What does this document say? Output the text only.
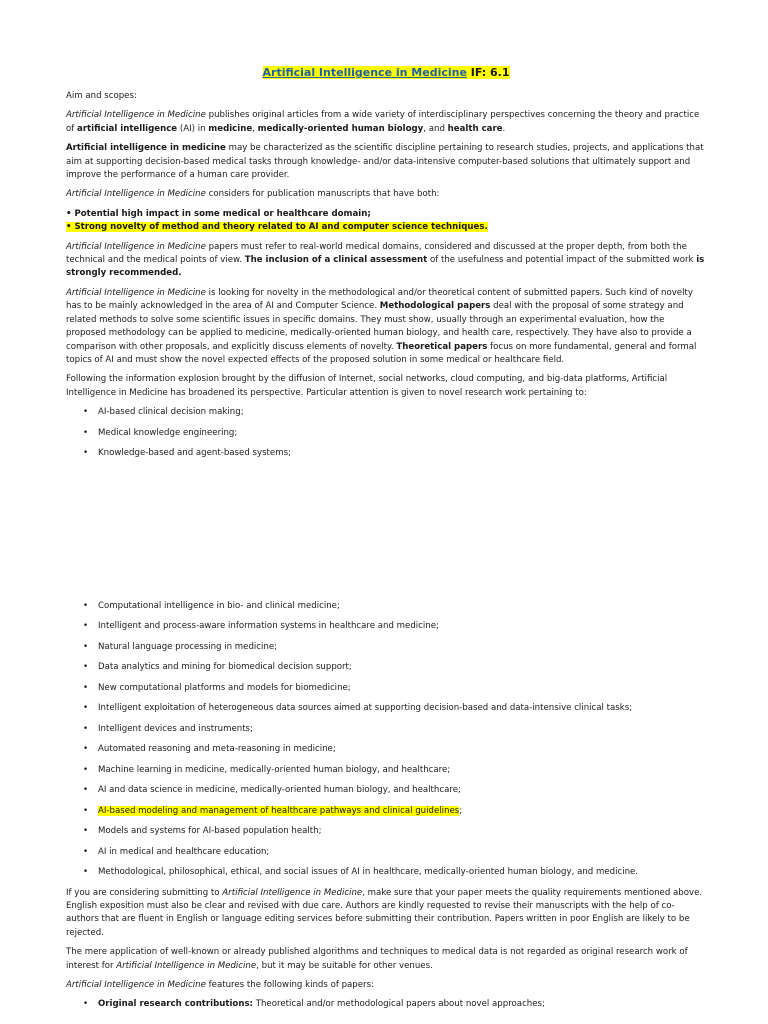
Artificial Intelligence in Medicine IF: 6.1

Aim and scopes:

Artificial Intelligence in Medicine publishes original articles from a wide variety of interdisciplinary perspectives concerning the theory and practice of artificial intelligence (AI) in medicine, medically-oriented human biology, and health care.

Artificial intelligence in medicine may be characterized as the scientific discipline pertaining to research studies, projects, and applications that aim at supporting decision-based medical tasks through knowledge- and/or data-intensive computer-based solutions that ultimately support and improve the performance of a human care provider.

Artificial Intelligence in Medicine considers for publication manuscripts that have both:

• Potential high impact in some medical or healthcare domain;
• Strong novelty of method and theory related to AI and computer science techniques.

Artificial Intelligence in Medicine papers must refer to real-world medical domains, considered and discussed at the proper depth, from both the technical and the medical points of view. The inclusion of a clinical assessment of the usefulness and potential impact of the submitted work is strongly recommended.

Artificial Intelligence in Medicine is looking for novelty in the methodological and/or theoretical content of submitted papers. Such kind of novelty has to be mainly acknowledged in the area of AI and Computer Science. Methodological papers deal with the proposal of some strategy and related methods to solve some scientific issues in specific domains. They must show, usually through an experimental evaluation, how the proposed methodology can be applied to medicine, medically-oriented human biology, and health care, respectively. They have also to provide a comparison with other proposals, and explicitly discuss elements of novelty. Theoretical papers focus on more fundamental, general and formal topics of AI and must show the novel expected effects of the proposed solution in some medical or healthcare field.

Following the information explosion brought by the diffusion of Internet, social networks, cloud computing, and big-data platforms, Artificial Intelligence in Medicine has broadened its perspective. Particular attention is given to novel research work pertaining to:

• AI-based clinical decision making;
• Medical knowledge engineering;
• Knowledge-based and agent-based systems;
• Computational intelligence in bio- and clinical medicine;
• Intelligent and process-aware information systems in healthcare and medicine;
• Natural language processing in medicine;
• Data analytics and mining for biomedical decision support;
• New computational platforms and models for biomedicine;
• Intelligent exploitation of heterogeneous data sources aimed at supporting decision-based and data-intensive clinical tasks;
• Intelligent devices and instruments;
• Automated reasoning and meta-reasoning in medicine;
• Machine learning in medicine, medically-oriented human biology, and healthcare;
• AI and data science in medicine, medically-oriented human biology, and healthcare;
• AI-based modeling and management of healthcare pathways and clinical guidelines;
• Models and systems for AI-based population health;
• AI in medical and healthcare education;
• Methodological, philosophical, ethical, and social issues of AI in healthcare, medically-oriented human biology, and medicine.

If you are considering submitting to Artificial Intelligence in Medicine, make sure that your paper meets the quality requirements mentioned above. English exposition must also be clear and revised with due care. Authors are kindly requested to revise their manuscripts with the help of co-authors that are fluent in English or language editing services before submitting their contribution. Papers written in poor English are likely to be rejected.

The mere application of well-known or already published algorithms and techniques to medical data is not regarded as original research work of interest for Artificial Intelligence in Medicine, but it may be suitable for other venues.

Artificial Intelligence in Medicine features the following kinds of papers:

• Original research contributions: Theoretical and/or methodological papers about novel approaches;
